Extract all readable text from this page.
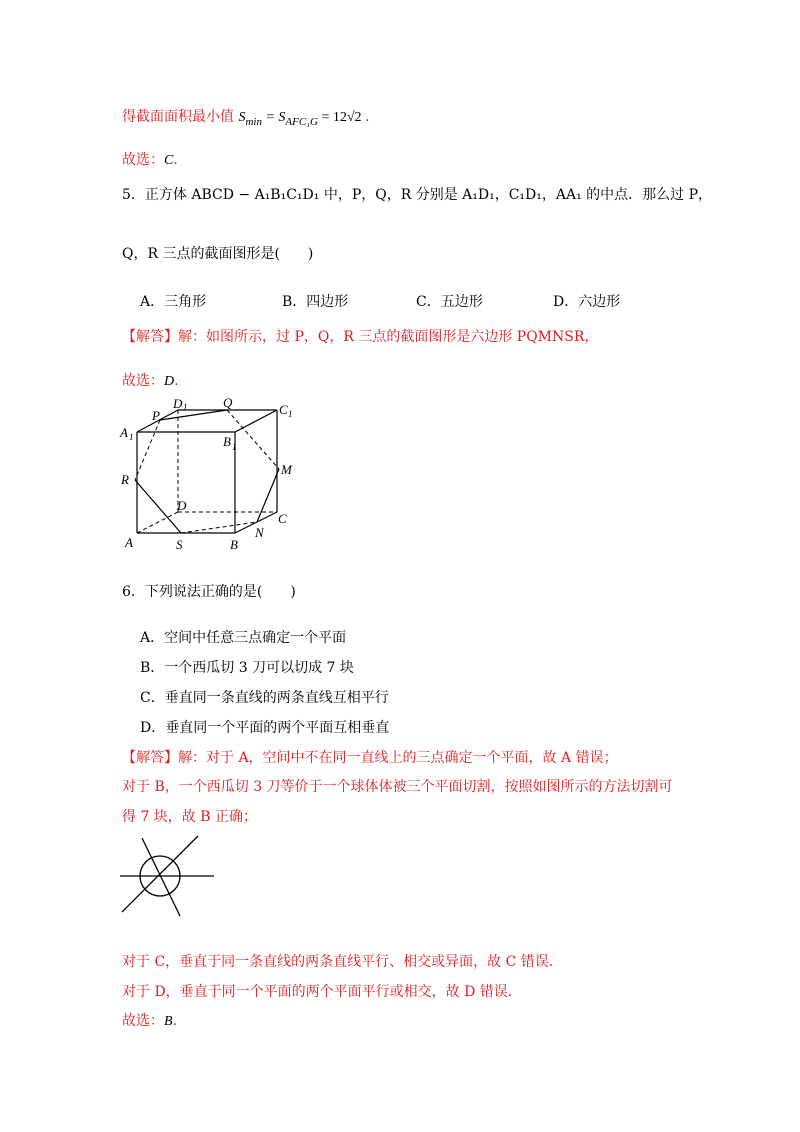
得截面面积最小值 $S_{min} = S_{AFC_1G} = 12√2$ .
故选：C.
5．正方体 ABCD − A₁B₁C₁D₁ 中，P，Q，R 分别是 A₁D₁，C₁D₁，AA₁ 的中点．那么过 P，
Q，R 三点的截面图形是(　　)
A．三角形	B．四边形	C．五边形	D．六边形
【解答】解：如图所示，过 P，Q，R 三点的截面图形是六边形 PQMNSR，
故选：D.
P
D 1	Q	C 1
A 1	B 1
R
M
D
C
A	S	B
N
6．下列说法正确的是(　　)
A．空间中任意三点确定一个平面
B．一个西瓜切 3 刀可以切成 7 块
C．垂直同一条直线的两条直线互相平行
D．垂直同一个平面的两个平面互相垂直
【解答】解：对于 A，空间中不在同一直线上的三点确定一个平面，故 A 错误；
对于 B，一个西瓜切 3 刀等价于一个球体体被三个平面切割，按照如图所示的方法切割可
得 7 块，故 B 正确；
对于 C，垂直于同一条直线的两条直线平行、相交或异面，故 C 错误．
对于 D，垂直于同一个平面的两个平面平行或相交，故 D 错误．
故选：B.
